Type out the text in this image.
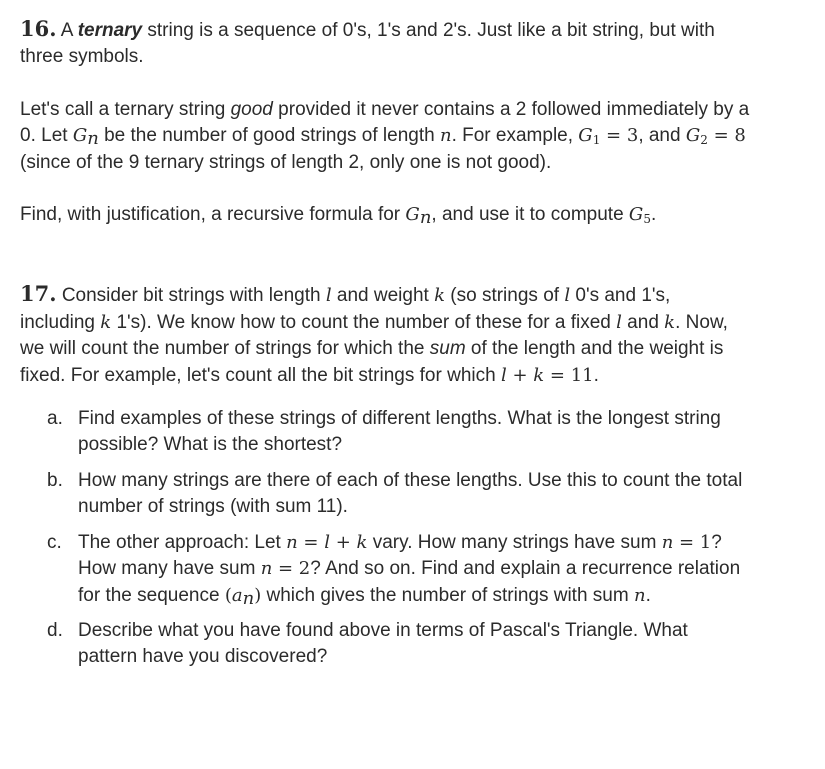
16. A ternary string is a sequence of 0's, 1's and 2's. Just like a bit string, but with three symbols.

Let's call a ternary string good provided it never contains a 2 followed immediately by a 0. Let $G_n$ be the number of good strings of length n. For example, $G_1 = 3$, and $G_2 = 8$ (since of the 9 ternary strings of length 2, only one is not good).

Find, with justification, a recursive formula for $G_n$, and use it to compute $G_5$.

17. Consider bit strings with length l and weight k (so strings of l 0's and 1's, including k 1's). We know how to count the number of these for a fixed l and k. Now, we will count the number of strings for which the sum of the length and the weight is fixed. For example, let's count all the bit strings for which l + k = 11.

a. Find examples of these strings of different lengths. What is the longest string possible? What is the shortest?
b. How many strings are there of each of these lengths. Use this to count the total number of strings (with sum 11).
c. The other approach: Let n = l + k vary. How many strings have sum n = 1? How many have sum n = 2? And so on. Find and explain a recurrence relation for the sequence $(a_n)$ which gives the number of strings with sum n.
d. Describe what you have found above in terms of Pascal's Triangle. What pattern have you discovered?
